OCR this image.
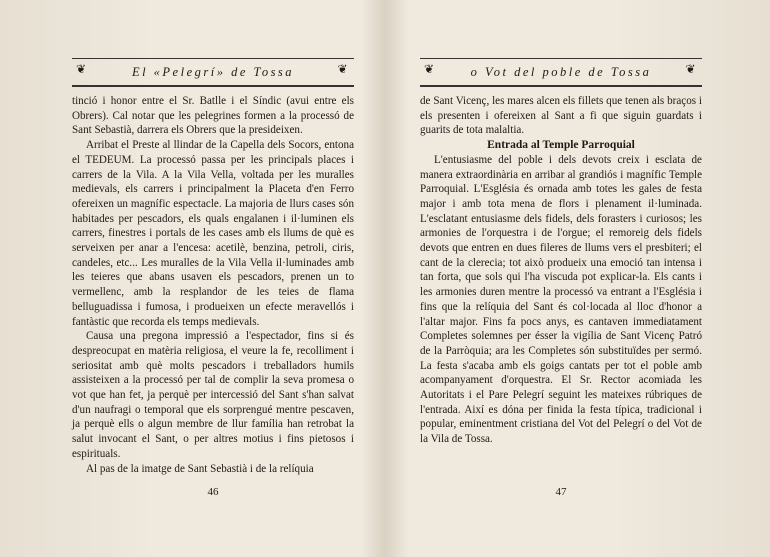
❦	El «Pelegrí» de Tossa	❦

tinció i honor entre el Sr. Batlle i el Síndic (avui entre els Obrers). Cal notar que les pelegrines formen a la processó de Sant Sebastià, darrera els Obrers que la presideixen.

Arribat el Preste al llindar de la Capella dels Socors, entona el TEDEUM. La processó passa per les principals places i carrers de la Vila. A la Vila Vella, voltada per les muralles medievals, els carrers i principalment la Placeta d'en Ferro ofereixen un magnífic espectacle. La majoria de llurs cases són habitades per pescadors, els quals engalanen i il·luminen els carrers, finestres i portals de les cases amb els llums de què es serveixen per anar a l'encesa: acetilè, benzina, petroli, ciris, candeles, etc... Les muralles de la Vila Vella il·luminades amb les teieres que abans usaven els pescadors, prenen un to vermellenc, amb la resplandor de les teies de flama belluguadissa i fumosa, i produeixen un efecte meravellós i fantàstic que recorda els temps medievals.

Causa una pregona impressió a l'espectador, fins si és despreocupat en matèria religiosa, el veure la fe, recolliment i seriositat amb què molts pescadors i treballadors humils assisteixen a la processó per tal de complir la seva promesa o vot que han fet, ja perquè per intercessió del Sant s'han salvat d'un naufragi o temporal que els sorprengué mentre pescaven, ja perquè ells o algun membre de llur família han retrobat la salut invocant el Sant, o per altres motius i fins pietosos i espirituals.

Al pas de la imatge de Sant Sebastià i de la relíquia

46
❦	o Vot del poble de Tossa	❦

de Sant Vicenç, les mares alcen els fillets que tenen als braços i els presenten i ofereixen al Sant a fi que siguin guardats i guarits de tota malaltia.

Entrada al Temple Parroquial

L'entusiasme del poble i dels devots creix i esclata de manera extraordinària en arribar al grandiós i magnífic Temple Parroquial. L'Església és ornada amb totes les gales de festa major i amb tota mena de flors i plenament il·luminada. L'esclatant entusiasme dels fidels, dels forasters i curiosos; les armonies de l'orquestra i de l'orgue; el remoreig dels fidels devots que entren en dues fileres de llums vers el presbiteri; el cant de la clerecia; tot això produeix una emoció tan intensa i tan forta, que sols qui l'ha viscuda pot explicar-la. Els cants i les armonies duren mentre la processó va entrant a l'Església i fins que la relíquia del Sant és col·locada al lloc d'honor a l'altar major. Fins fa pocs anys, es cantaven immediatament Completes solemnes per ésser la vigília de Sant Vicenç Patró de la Parròquia; ara les Completes són substituïdes per sermó. La festa s'acaba amb els goigs cantats per tot el poble amb acompanyament d'orquestra. El Sr. Rector acomiada les Autoritats i el Pare Pelegrí seguint les mateixes rúbriques de l'entrada. Així es dóna per finida la festa típica, tradicional i popular, eminentment cristiana del Vot del Pelegrí o del Vot de la Vila de Tossa.

47
